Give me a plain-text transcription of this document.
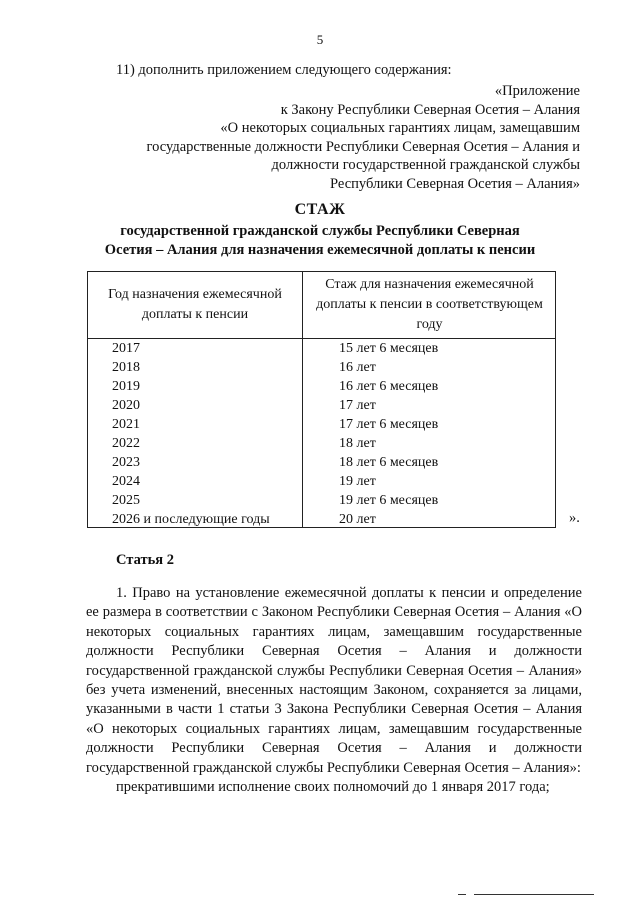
5
11) дополнить приложением следующего содержания:
«Приложение
к Закону Республики Северная Осетия – Алания
«О некоторых социальных гарантиях лицам, замещавшим
государственные должности Республики Северная Осетия – Алания и
должности государственной гражданской службы
Республики Северная Осетия – Алания»
СТАЖ
государственной гражданской службы Республики Северная
Осетия – Алания для назначения ежемесячной доплаты к пенсии
Год назначения ежемесячной доплаты к пенсии
Стаж для назначения ежемесячной доплаты к пенсии в соответствующем году
2017	15 лет 6 месяцев
2018	16 лет
2019	16 лет 6 месяцев
2020	17 лет
2021	17 лет 6 месяцев
2022	18 лет
2023	18 лет 6 месяцев
2024	19 лет
2025	19 лет 6 месяцев
2026 и последующие годы	20 лет	».
Статья 2

1. Право на установление ежемесячной доплаты к пенсии и определение ее размера в соответствии с Законом Республики Северная Осетия – Алания «О некоторых социальных гарантиях лицам, замещавшим государственные должности Республики Северная Осетия – Алания и должности государственной гражданской службы Республики Северная Осетия – Алания» без учета изменений, внесенных настоящим Законом, сохраняется за лицами, указанными в части 1 статьи 3 Закона Республики Северная Осетия – Алания «О некоторых социальных гарантиях лицам, замещавшим государственные должности Республики Северная Осетия – Алания и должности государственной гражданской службы Республики Северная Осетия – Алания»:

прекратившими исполнение своих полномочий до 1 января 2017 года;
